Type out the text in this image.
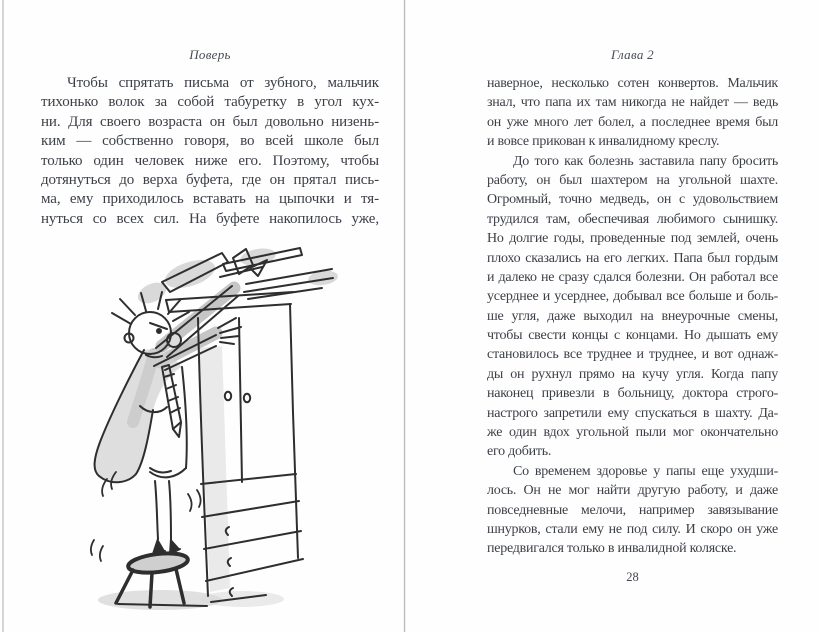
Поверь
Чтобы спрятать письма от зубного, мальчик
тихонько волок за собой табуретку в угол кух-
ни. Для своего возраста он был довольно низень-
ким — собственно говоря, во всей школе был
только один человек ниже его. Поэтому, чтобы
дотянуться до верха буфета, где он прятал пись-
ма, ему приходилось вставать на цыпочки и тя-
нуться со всех сил. На буфете накопилось уже,
Глава 2
наверное, несколько сотен конвертов. Мальчик
знал, что папа их там никогда не найдет — ведь
он уже много лет болел, а последнее время был
и вовсе прикован к инвалидному креслу.
До того как болезнь заставила папу бросить
работу, он был шахтером на угольной шахте.
Огромный, точно медведь, он с удовольствием
трудился там, обеспечивая любимого сынишку.
Но долгие годы, проведенные под землей, очень
плохо сказались на его легких. Папа был гордым
и далеко не сразу сдался болезни. Он работал все
усерднее и усерднее, добывал все больше и боль-
ше угля, даже выходил на внеурочные смены,
чтобы свести концы с концами. Но дышать ему
становилось все труднее и труднее, и вот однаж-
ды он рухнул прямо на кучу угля. Когда папу
наконец привезли в больницу, доктора строго-
настрого запретили ему спускаться в шахту. Да-
же один вдох угольной пыли мог окончательно
его добить.
Со временем здоровье у папы еще ухудши-
лось. Он не мог найти другую работу, и даже
повседневные мелочи, например завязывание
шнурков, стали ему не под силу. И скоро он уже
передвигался только в инвалидной коляске.
28
